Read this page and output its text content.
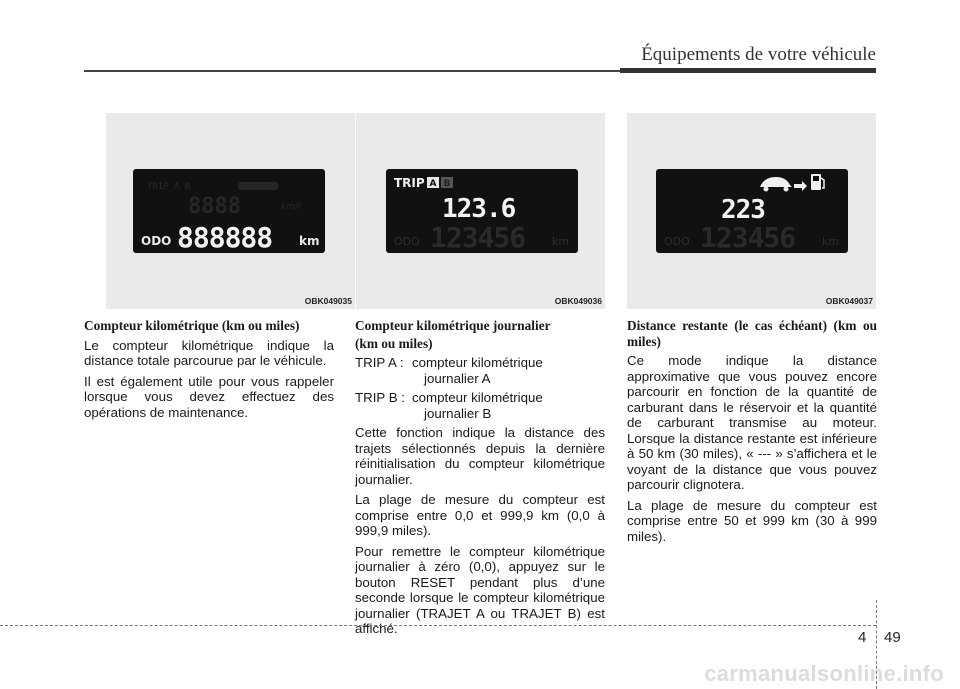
Équipements de votre véhicule
TRIP A B
8888	km/l
ODO 888888 km
OBK049035
TRIP A B
123.6
ODO 123456 km
OBK049036
223
ODO 123456 km
OBK049037

Compteur kilométrique (km ou miles)

Le compteur kilométrique indique la distance totale parcourue par le véhicule.

Il est également utile pour vous rappeler lorsque vous devez effectuez des opérations de maintenance.

Compteur kilométrique journalier

(km ou miles)

TRIP A : compteur kilométrique
journalier A
TRIP B : compteur kilométrique
journalier B

Cette fonction indique la distance des trajets sélectionnés depuis la dernière réinitialisation du compteur kilométrique journalier.

La plage de mesure du compteur est comprise entre 0,0 et 999,9 km (0,0 à 999,9 miles).

Pour remettre le compteur kilométrique journalier à zéro (0,0), appuyez sur le bouton RESET pendant plus d’une seconde lorsque le compteur kilométrique journalier (TRAJET A ou TRAJET B) est affiché.

Distance restante (le cas échéant) (km ou miles)

Ce mode indique la distance approximative que vous pouvez encore parcourir en fonction de la quantité de carburant dans le réservoir et la quantité de carburant transmise au moteur. Lorsque la distance restante est inférieure à 50 km (30 miles), « --- » s’affichera et le voyant de la distance que vous pouvez parcourir clignotera.

La plage de mesure du compteur est comprise entre 50 et 999 km (30 à 999 miles).

4 49
carmanualsonline.info
